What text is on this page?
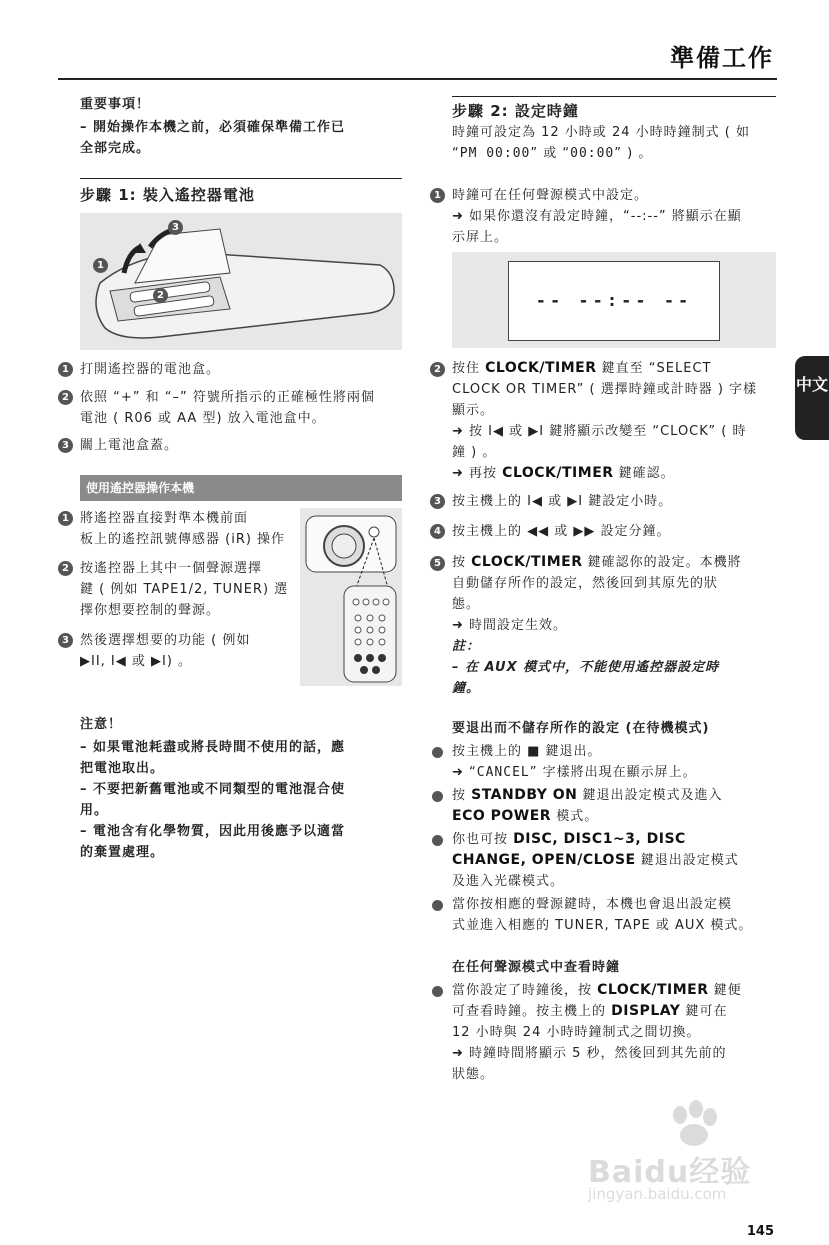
準備工作
中文
重要事項！
– 開始操作本機之前，必須確保準備工作已
全部完成。
步驟 1: 裝入遙控器電池
3
1
2
1 打開遙控器的電池盒。
2 依照 “+” 和 “–” 符號所指示的正確極性將兩個
電池 ( R06 或 AA 型) 放入電池盒中。
3 關上電池盒蓋。
使用遙控器操作本機
1 將遙控器直接對準本機前面
板上的遙控訊號傳感器 (iR) 操作
2 按遙控器上其中一個聲源選擇
鍵 ( 例如 TAPE1/2, TUNER) 選
擇你想要控制的聲源。
3 然後選擇想要的功能 ( 例如
▶II, I◀ 或 ▶I) 。
注意！
– 如果電池耗盡或將長時間不使用的話，應
把電池取出。
– 不要把新舊電池或不同類型的電池混合使
用。
– 電池含有化學物質，因此用後應予以適當
的棄置處理。
步驟 2: 設定時鐘
時鐘可設定為 12 小時或 24 小時時鐘制式 ( 如
“PM 00:00” 或 “00:00” ) 。
1 時鐘可在任何聲源模式中設定。
➜ 如果你還沒有設定時鐘，“--:--” 將顯示在顯
示屏上。
-- --:-- --
2 按住 CLOCK/TIMER 鍵直至 “SELECT
CLOCK OR TIMER” ( 選擇時鐘或計時器 ) 字樣
顯示。
➜ 按 I◀ 或 ▶I 鍵將顯示改變至 “CLOCK” ( 時
鐘 ) 。
➜ 再按 CLOCK/TIMER 鍵確認。
3 按主機上的 I◀ 或 ▶I 鍵設定小時。
4 按主機上的 ◀◀ 或 ▶▶ 設定分鐘。
5 按 CLOCK/TIMER 鍵確認你的設定。本機將
自動儲存所作的設定，然後回到其原先的狀
態。
➜ 時間設定生效。
註：
– 在 AUX 模式中，不能使用遙控器設定時
鐘。
要退出而不儲存所作的設定 (在待機模式)
按主機上的 ■ 鍵退出。
➜ “CANCEL” 字樣將出現在顯示屏上。
按 STANDBY ON 鍵退出設定模式及進入
ECO POWER 模式。
你也可按 DISC, DISC1~3, DISC
CHANGE, OPEN/CLOSE 鍵退出設定模式
及進入光碟模式。
當你按相應的聲源鍵時，本機也會退出設定模
式並進入相應的 TUNER, TAPE 或 AUX 模式。
在任何聲源模式中查看時鐘
當你設定了時鐘後，按 CLOCK/TIMER 鍵便
可查看時鐘。按主機上的 DISPLAY 鍵可在
12 小時與 24 小時時鐘制式之間切換。
➜ 時鐘時間將顯示 5 秒，然後回到其先前的
狀態。
Baidu经验
jingyan.baidu.com
145
